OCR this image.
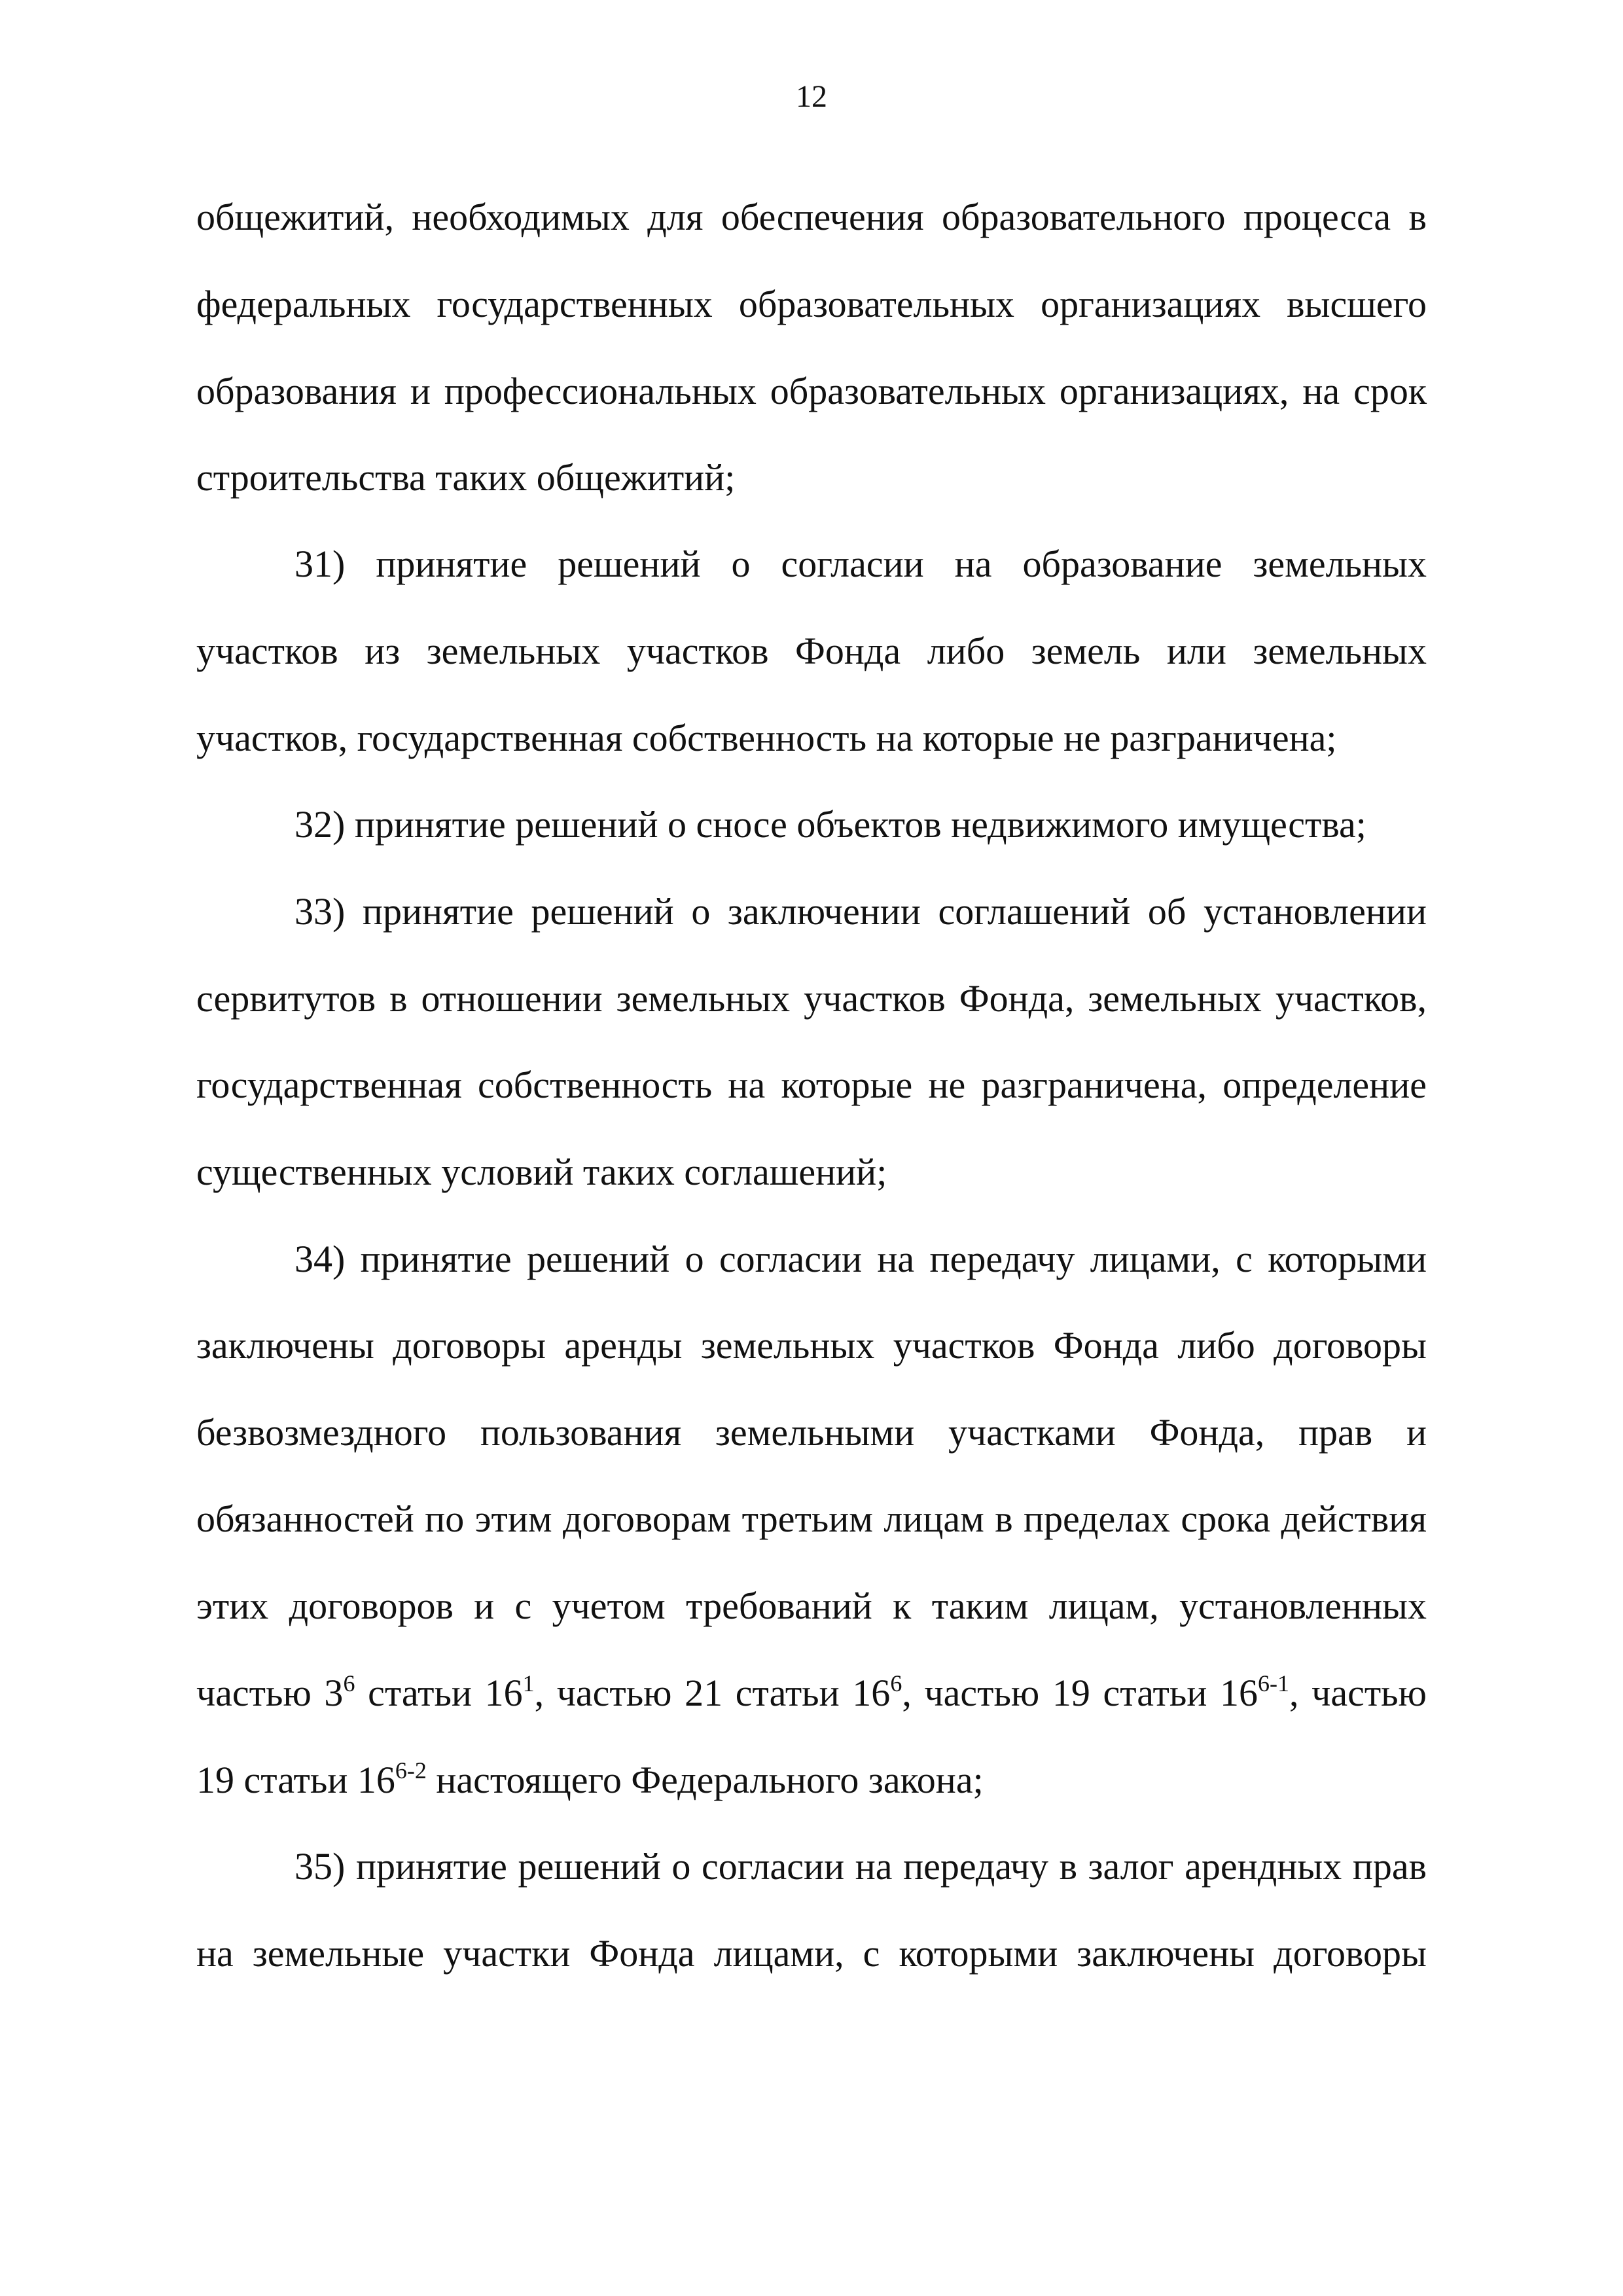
12
общежитий, необходимых для обеспечения образовательного процесса в
федеральных государственных образовательных организациях высшего
образования и профессиональных образовательных организациях, на срок
строительства таких общежитий;
31) принятие решений о согласии на образование земельных
участков из земельных участков Фонда либо земель или земельных
участков, государственная собственность на которые не разграничена;
32) принятие решений о сносе объектов недвижимого имущества;
33) принятие решений о заключении соглашений об установлении
сервитутов в отношении земельных участков Фонда, земельных участков,
государственная собственность на которые не разграничена, определение
существенных условий таких соглашений;
34) принятие решений о согласии на передачу лицами, с которыми
заключены договоры аренды земельных участков Фонда либо договоры
безвозмездного пользования земельными участками Фонда, прав и
обязанностей по этим договорам третьим лицам в пределах срока действия
этих договоров и с учетом требований к таким лицам, установленных
частью $3^6$ статьи $16^1$, частью 21 статьи $16^6$, частью 19 статьи 16$^{6-1}$, частью
19 статьи 16$^{6-2}$ настоящего Федерального закона;
35) принятие решений о согласии на передачу в залог арендных прав
на земельные участки Фонда лицами, с которыми заключены договоры
